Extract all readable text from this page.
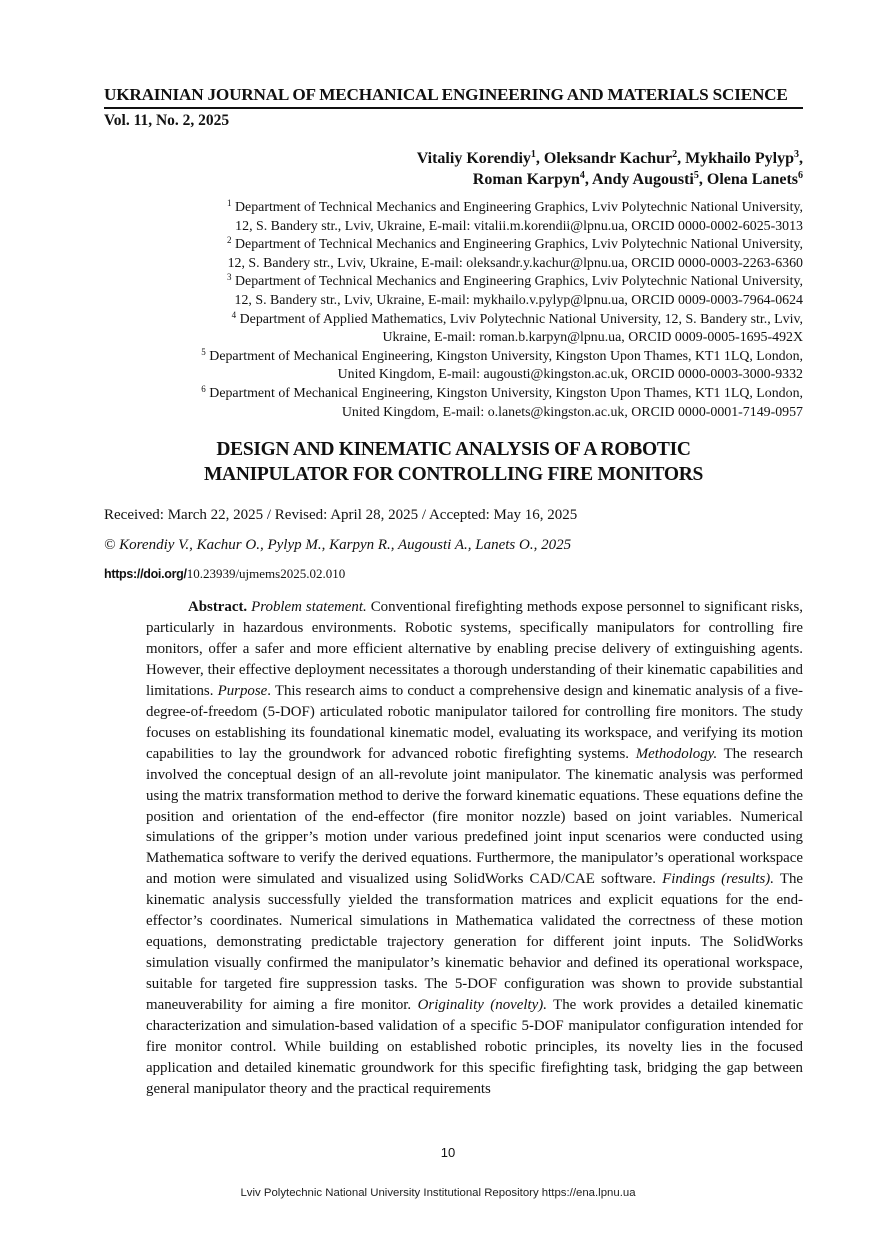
UKRAINIAN JOURNAL OF MECHANICAL ENGINEERING AND MATERIALS SCIENCE
Vol. 11, No. 2, 2025
Vitaliy Korendiy$^1$, Oleksandr Kachur$^2$, Mykhailo Pylyp$^3$,
Roman Karpyn$^4$, Andy Augousti$^5$, Olena Lanets$^6$

$^1$ Department of Technical Mechanics and Engineering Graphics, Lviv Polytechnic National University,
12, S. Bandery str., Lviv, Ukraine, E-mail: vitalii.m.korendii@lpnu.ua, ORCID 0000-0002-6025-3013

$^2$ Department of Technical Mechanics and Engineering Graphics, Lviv Polytechnic National University,
12, S. Bandery str., Lviv, Ukraine, E-mail: oleksandr.y.kachur@lpnu.ua, ORCID 0000-0003-2263-6360

$^3$ Department of Technical Mechanics and Engineering Graphics, Lviv Polytechnic National University,
12, S. Bandery str., Lviv, Ukraine, E-mail: mykhailo.v.pylyp@lpnu.ua, ORCID 0009-0003-7964-0624

$^4$ Department of Applied Mathematics, Lviv Polytechnic National University, 12, S. Bandery str., Lviv,
Ukraine, E-mail: roman.b.karpyn@lpnu.ua, ORCID 0009-0005-1695-492X

$^5$ Department of Mechanical Engineering, Kingston University, Kingston Upon Thames, KT1 1LQ, London,
United Kingdom, E-mail: augousti@kingston.ac.uk, ORCID 0000-0003-3000-9332

$^6$ Department of Mechanical Engineering, Kingston University, Kingston Upon Thames, KT1 1LQ, London,
United Kingdom, E-mail: o.lanets@kingston.ac.uk, ORCID 0000-0001-7149-0957

DESIGN AND KINEMATIC ANALYSIS OF A ROBOTIC
MANIPULATOR FOR CONTROLLING FIRE MONITORS
Received: March 22, 2025 / Revised: April 28, 2025 / Accepted: May 16, 2025
© Korendiy V., Kachur O., Pylyp M., Karpyn R., Augousti A., Lanets O., 2025
https://doi.org/10.23939/ujmems2025.02.010
Abstract. Problem statement. Conventional firefighting methods expose personnel to significant risks, particularly in hazardous environments. Robotic systems, specifically manipulators for controlling fire monitors, offer a safer and more efficient alternative by enabling precise delivery of extinguishing agents. However, their effective deployment necessitates a thorough understanding of their kinematic capabilities and limitations. Purpose. This research aims to conduct a comprehensive design and kinematic analysis of a five-degree-of-freedom (5-DOF) articulated robotic manipulator tailored for controlling fire monitors. The study focuses on establishing its foundational kinematic model, evaluating its workspace, and verifying its motion capabilities to lay the groundwork for advanced robotic firefighting systems. Methodology. The research involved the conceptual design of an all-revolute joint manipulator. The kinematic analysis was performed using the matrix transformation method to derive the forward kinematic equations. These equations define the position and orientation of the end-effector (fire monitor nozzle) based on joint variables. Numerical simulations of the gripper’s motion under various predefined joint input scenarios were conducted using Mathematica software to verify the derived equations. Furthermore, the manipulator’s operational workspace and motion were simulated and visualized using SolidWorks CAD/CAE software. Findings (results). The kinematic analysis successfully yielded the transformation matrices and explicit equations for the end-effector’s coordinates. Numerical simulations in Mathematica validated the correctness of these motion equations, demonstrating predictable trajectory generation for different joint inputs. The SolidWorks simulation visually confirmed the manipulator’s kinematic behavior and defined its operational workspace, suitable for targeted fire suppression tasks. The 5-DOF configuration was shown to provide substantial maneuverability for aiming a fire monitor. Originality (novelty). The work provides a detailed kinematic characterization and simulation-based validation of a specific 5-DOF manipulator configuration intended for fire monitor control. While building on established robotic principles, its novelty lies in the focused application and detailed kinematic groundwork for this specific firefighting task, bridging the gap between general manipulator theory and the practical requirements
10
Lviv Polytechnic National University Institutional Repository https://ena.lpnu.ua
